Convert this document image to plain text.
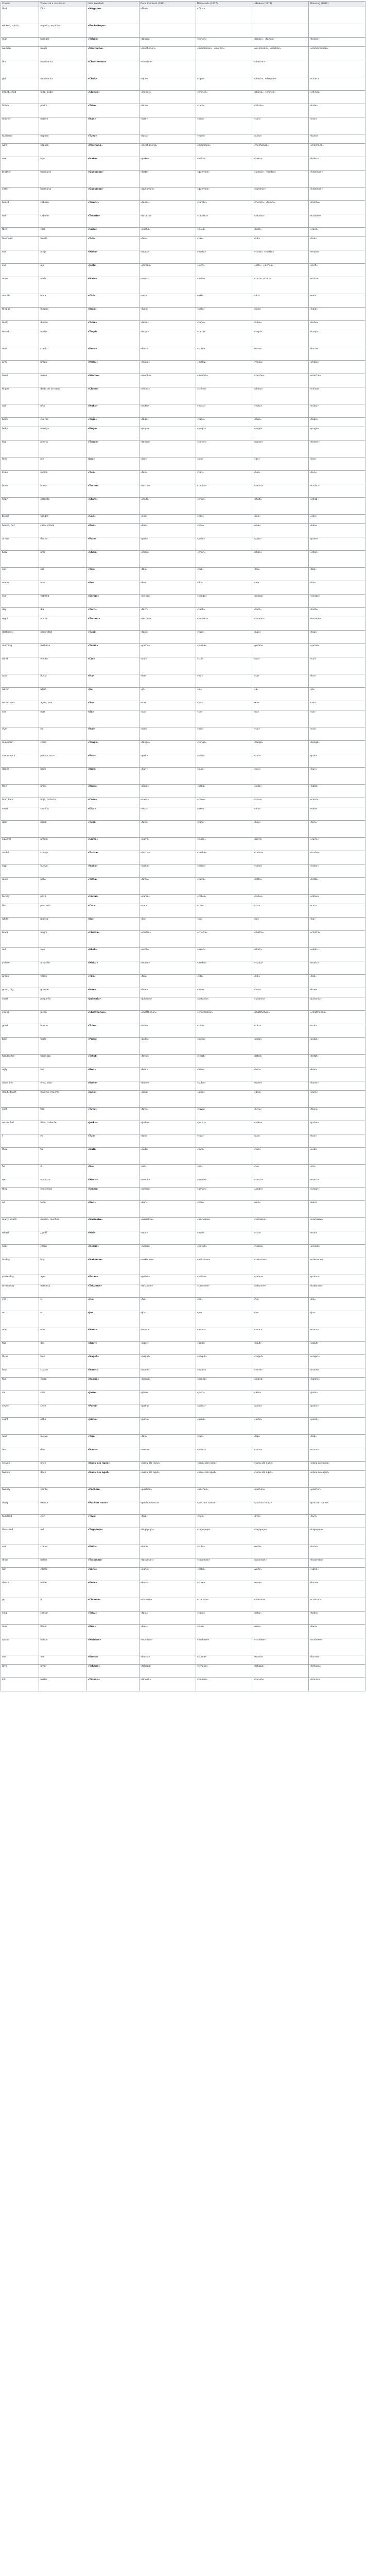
Classic	Traducció a castellano	Lista Swadesh	De la Comissió (1971)	Maldonado (1877)	LeFebvre (1971)	Pickering (2010)
God	Dios	«Magupo»	«Dios»	«Dios»		
wicked, spirits	espíritu, espíritu	«Pucheitopo»				
man	hombre	«Tahon»	«tonon»	«tonon»	«tonon», «tánon»	«tonon»
woman	mujer	«Mechaino»	«mechenon»	«mechenon», «michin»	«ko-menon», «michon»	«onmechenon»
fire	muchacho	«Chatthehon»	«chatton»		«chatton»	
girl	muchacha	«Chak»	«ripo»	«ripo»	«chack», «dzepon»	«chalc»
infant, child	niño, bebé	«Chinee»	«chinoe»	«chinee»	«chíino», «chinee»	«chinee»
father	padre	«Tate»	«tato»	«tata»	«tatatu»	«tate»
mother	madre	«Nan»	«nae»	«nan»	«nan»	«nan»
husband	esposo	«Tueo»	«tuco»	«tueo»	«tueo»	«tueo»
wife	esposa	«Mechano»	«mechanong»	«mechano»	«mechanon»	«mechano»
sex	hijo	«Hako»	«pake»	«hako»	«haku»	«hako»
brother	hermano	«Queomon»	«heta»	«quemon»	«ijamon», «bedeo»	«kwemon»
sister	hermana	«Queomon»	«queomon»	«quemon»	«kwemon»	«kwemon»
beard	cabeza	«Tamtu»	«tontu»	«tamtu»	«thomti», «tamtu»	«tamtu»
hair	cabello	«Tatatto»	«tatatto»	«tatatto»	«tatatto»	«tatatto»
face	cara	«Cuco»	«cucho»	«cuco»	«cuco»	«cuco»
forehead	frente	«Tuk»	«tuk»	«tuk»	«tuk»	«tuk»
ear	oreja	«Mato»	«mato»	«mato»	«mato», «mattu»	«mato»
eye	ojo	«Jech»	«jechpo»	«jech»	«jech», «jechek»	«jech»
nose	nariz	«Nato»	«nato»	«nato»	«nato», «natu»	«nato»
mouth	boca	«Oki»	«oki»	«oki»	«oki»	«oki»
tongue	lengua	«Kalo»	«kalo»	«kalo»	«kalo»	«kalo»
tooth	diente	«Tuhe»	«tuhe»	«tuhe»	«tuhe»	«tuhe»
beard	barba	«Tarpi»	«tarpi»	«tarpi»	«tarpi»	«tarpi»
neck	cuello	«Kuro»	«kuro»	«kuro»	«kuro»	«kuro»
arm	brazo	«Maku»	«maku»	«maku»	«maku»	«maku»
hand	mano	«Meche»	«meche»	«meche»	«meche»	«meche»
finger	dedo de la mano	«Chino»	«chino»	«chino»	«chino»	«chino»
nail	uña	«Nuku»	«nuku»	«nuku»	«nuku»	«nuku»
body	cuerpo	«Tage»	«tage»	«tage»	«tage»	«tage»
belly	barriga	«Pugo»	«pugo»	«pugo»	«pugo»	«pugo»
leg	pierna	«Tonon»	«tonon»	«tonon»	«tonon»	«tonon»
foot	pie	«Jao»	«jao»	«jao»	«jao»	«jao»
knee	rodilla	«Tun»	«tun»	«tun»	«tun»	«tun»
bone	hueso	«Tachu»	«tachu»	«tachu»	«tachu»	«tachu»
heart	corazón	«Chuti»	«chuti»	«chuti»	«chuti»	«chuti»
blood	sangre	«Coe»	«coe»	«coe»	«coe»	«coe»
house, hut	casa, choza	«Kaa»	«kaa»	«kaa»	«kaa»	«kaa»
arrow	flecha	«Palo»	«palo»	«palo»	«palo»	«palo»
bow	arco	«Chan»	«chan»	«chan»	«chan»	«chan»
sun	sol	«Tao»	«tao»	«tao»	«tao»	«tao»
moon	luna	«Ilo»	«ilo»	«ilo»	«ilo»	«ilo»
star	estrella	«Songo»	«songo»	«songo»	«songo»	«songo»
day	día	«Tach»	«tach»	«tach»	«tach»	«tach»
night	noche	«Tecoon»	«tecoon»	«tecoon»	«tecoon»	«tecoon»
darkness	oscuridad	«Tupi»	«tupi»	«tupi»	«tupi»	«tupi»
morning	mañana	«Yuma»	«yuma»	«yuma»	«yuma»	«yuma»
wind	viento	«Cui»	«cui»	«cui»	«cui»	«cui»
rain	lluvia	«Ha»	«ha»	«ha»	«ha»	«ha»
water	agua	«Ja»	«ja»	«ja»	«ja»	«ja»
water, sea	agua, mar	«Xa»	«xa»	«xa»	«xa»	«xa»
sea	mar	«Sa»	«sa»	«sa»	«sa»	«sa»
river	río	«Nai»	«nai»	«nai»	«nai»	«nai»
mountain	cerro	«Tongo»	«tongo»	«tongo»	«tongo»	«tongo»
stone, rock	piedra, roca	«Pah»	«pah»	«pah»	«pah»	«pah»
dance	baile	«Kuri»	«kuri»	«kuri»	«kuri»	«kuri»
tree	árbol	«Kako»	«kako»	«kako»	«kako»	«kako»
leaf, bark	hoja, corteza	«Caso»	«caso»	«caso»	«caso»	«caso»
seed	semilla	«Oko»	«oko»	«oko»	«oko»	«oko»
dog	perro	«Tuni»	«tuni»	«tuni»	«tuni»	«tuni»
squirrel	ardilla	«Curre»	«curre»	«curre»	«curre»	«curre»
rabbit	conejo	«Tusha»	«tusha»	«tusha»	«tusha»	«tusha»
egg	huevo	«Naho»	«naho»	«naho»	«naho»	«naho»
duck	pato	«Tatta»	«tatta»	«tatta»	«tatta»	«tatta»
turkey	pavo	«Cahui»	«cahui»	«cahui»	«cahui»	«cahui»
fish	pescado	«Car»	«car»	«car»	«car»	«car»
white	blanco	«Ko»	«ko»	«ko»	«ko»	«ko»
black	negro	«Chafra»	«chafra»	«chafra»	«chafra»	«chafra»
red	rojo	«Ekoh»	«ekoh»	«ekoh»	«ekoh»	«ekoh»
yellow	amarillo	«Maku»	«maku»	«maku»	«maku»	«maku»
green	verde	«Tila»	«tila»	«tila»	«tila»	«tila»
great, big	grande	«Hue»	«hue»	«hue»	«hue»	«hue»
small	pequeño	«Juitanio»	«juitanio»	«juitanio»	«juitanio»	«juitanio»
young	joven	«Chatthehon»	«chatthehon»	«chatthehon»	«chatthehon»	«chatthehon»
good	bueno	«Tuin»	«tuin»	«tuin»	«tuin»	«tuin»
bad	malo	«Puko»	«puko»	«puko»	«puko»	«puko»
handsome	hermoso	«Tetot»	«tetot»	«tetot»	«tetot»	«tetot»
ugly	feo	«Bon»	«bon»	«bon»	«bon»	«bon»
alive, life	vivo, vida	«Kuhe»	«kuhe»	«kuhe»	«kuhe»	«kuhe»
dead, death	muerto, muerte	«Jano»	«jano»	«jano»	«jano»	«jano»
cold	frío	«Tuyu»	«tuyu»	«tuyu»	«tuyu»	«tuyu»
warm, hot	tibio, caliente	«Jurku»	«jurku»	«jurku»	«jurku»	«jurku»
I	yo	«Tuo»	«tuo»	«tuo»	«tuo»	«tuo»
thou	tu	«Nuti»	«nuti»	«nuti»	«nuti»	«nuti»
he	él	«Ne»	«ne»	«ne»	«ne»	«ne»
we	nosotros	«Mech»	«mech»	«mech»	«mech»	«mech»
they	ellos/ellas	«Uman»	«uman»	«uman»	«uman»	«uman»
all	todo	«Kon»	«kon»	«kon»	«kon»	«kon»
many, much	mucho, muchos	«Naciokiw»	«naciokiw»	«naciokiw»	«naciokiw»	«naciokiw»
what?	¿qué?	«Mai»	«mai»	«mai»	«mai»	«mai»
near	cerca	«Nesuk»	«nesuk»	«nesuk»	«nesuk»	«nesuk»
to-day	hoy	«Nakunne»	«nakunne»	«nakunne»	«nakunne»	«nakunne»
yesterday	ayer	«Palau»	«palau»	«palau»	«palau»	«palau»
to-morrow	mañana	«Takunne»	«takunne»	«takunne»	«takunne»	«takunne»
yes	sí	«Ho»	«ho»	«ho»	«ho»	«ho»
no	no	«Jo»	«jo»	«jo»	«jo»	«jo»
one	uno	«Nunc»	«nunc»	«nunc»	«nunc»	«nunc»
two	dos	«Agut»	«agut»	«agut»	«agut»	«agut»
three	tres	«Nagut»	«nagut»	«nagut»	«nagut»	«nagut»
four	cuatro	«Numt»	«numt»	«numt»	«numt»	«numt»
five	cinco	«Koono»	«koono»	«koono»	«koono»	«koono»
six	seis	«Jasn»	«jasn»	«jasn»	«jasn»	«jasn»
seven	siete	«Pahu»	«pahu»	«pahu»	«pahu»	«pahu»
eight	ocho	«Juino»	«juino»	«juino»	«juino»	«juino»
nine	nueve	«Tap»	«tap»	«tap»	«tap»	«tap»
ten	diez	«Nanu»	«nanu»	«nanu»	«nanu»	«nanu»
eleven	once	«Nanu alo nunc»	«nanu alo nunc»	«nanu alo nunc»	«nanu alo nunc»	«nanu alo nunc»
twelve	doce	«Nanu alo agut»	«nanu alo agut»	«nanu alo agut»	«nanu alo agut»	«nanu alo agut»
twenty	veinte	«Pachon»	«pachon»	«pachon»	«pachon»	«pachon»
thirty	treinta	«Pachon nanu»	«pachon nanu»	«pachon nanu»	«pachon nanu»	«pachon nanu»
hundred	cien	«Tiyo»	«tiyo»	«tiyo»	«tiyo»	«tiyo»
thousand	mil	«Tagopujo»	«tagopujo»	«tagopujo»	«tagopujo»	«tagopujo»
eat	comer	«Kuhi»	«kuhi»	«kuhi»	«kuhi»	«kuhi»
drink	beber	«Tocoman»	«tocoman»	«tocoman»	«tocoman»	«tocoman»
run	correr	«Vahe»	«vahe»	«vahe»	«vahe»	«vahe»
dance	bailar	«Kure»	«kure»	«kure»	«kure»	«kure»
go	ir	«Ciaman»	«ciaman»	«ciaman»	«ciaman»	«ciaman»
sing	cantar	«Taku»	«taku»	«taku»	«taku»	«taku»
rain	llover	«Kuu»	«kuu»	«kuu»	«kuu»	«kuu»
speak	hablar	«Mahiwe»	«mahiwe»	«mahiwe»	«mahiwe»	«mahiwe»
see	ver	«Kuma»	«kuma»	«kuma»	«kuma»	«kuma»
love	amar	«Tchapa»	«tchapa»	«tchapa»	«tchapa»	«tchapa»
kill	matar	«Tinnah»	«tinnah»	«tinnah»	«tinnah»	«tinnah»
